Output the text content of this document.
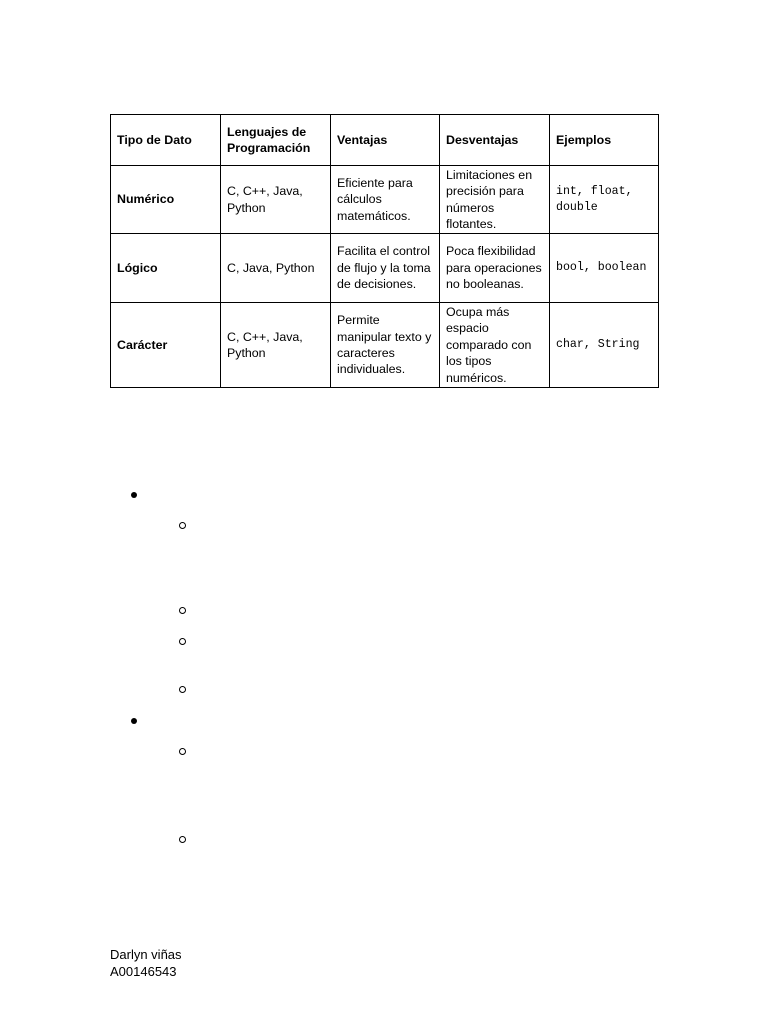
Tipo de Dato	Lenguajes de Programación	Ventajas	Desventajas	Ejemplos
Numérico	C, C++, Java, Python	Eficiente para cálculos matemáticos.	Limitaciones en precisión para números flotantes.	int, float, double
Lógico	C, Java, Python	Facilita el control de flujo y la toma de decisiones.	Poca flexibilidad para operaciones no booleanas.	bool, boolean
Carácter	C, C++, Java, Python	Permite manipular texto y caracteres individuales.	Ocupa más espacio comparado con los tipos numéricos.	char, String
Darlyn viñas
A00146543
